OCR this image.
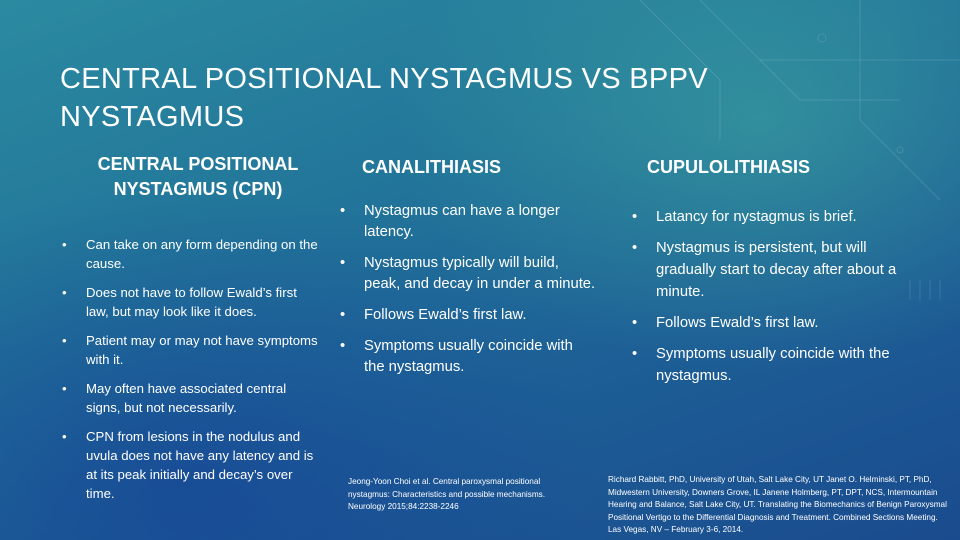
CENTRAL POSITIONAL NYSTAGMUS VS BPPV NYSTAGMUS
CENTRAL POSITIONAL NYSTAGMUS (CPN)
• Can take on any form depending on the cause.
• Does not have to follow Ewald’s first law, but may look like it does.
• Patient may or may not have symptoms with it.
• May often have associated central signs, but not necessarily.
• CPN from lesions in the nodulus and uvula does not have any latency and is at its peak initially and decay’s over time.
CANALITHIASIS
• Nystagmus can have a longer latency.
• Nystagmus typically will build, peak, and decay in under a minute.
• Follows Ewald’s first law.
• Symptoms usually coincide with the nystagmus.
CUPULOLITHIASIS
• Latancy for nystagmus is brief.
• Nystagmus is persistent, but will gradually start to decay after about a minute.
• Follows Ewald’s first law.
• Symptoms usually coincide with the nystagmus.
Jeong-Yoon Choi et al. Central paroxysmal positional nystagmus: Characteristics and possible mechanisms. Neurology 2015;84:2238-2246
Richard Rabbitt, PhD, University of Utah, Salt Lake City, UT Janet O. Helminski, PT, PhD, Midwestern University, Downers Grove, IL Janene Holmberg, PT, DPT, NCS, Intermountain Hearing and Balance, Salt Lake City, UT. Translating the Biomechanics of Benign Paroxysmal Positional Vertigo to the Differential Diagnosis and Treatment. Combined Sections Meeting. Las Vegas, NV – February 3-6, 2014.
